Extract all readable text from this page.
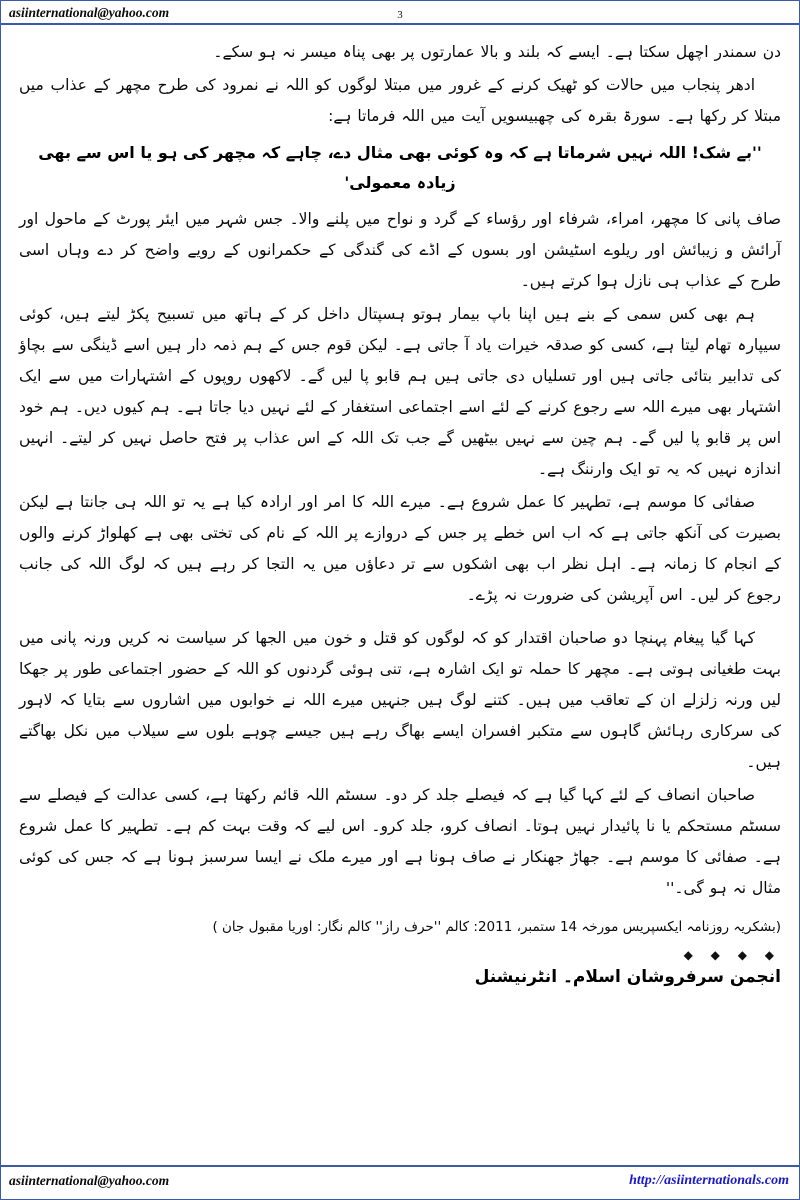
asiinternational@yahoo.com	3

دن سمندر اچھل سکتا ہے۔ ایسے کہ بلند و بالا عمارتوں پر بھی پناہ میسر نہ ہو سکے۔

ادھر پنجاب میں حالات کو ٹھیک کرنے کے غرور میں مبتلا لوگوں کو اللہ نے نمرود کی طرح مچھر کے عذاب میں مبتلا کر رکھا ہے۔ سورۃ بقرہ کی چھبیسویں آیت میں اللہ فرماتا ہے:

''بے شک! اللہ نہیں شرماتا ہے کہ وہ کوئی بھی مثال دے، چاہے کہ مچھر کی ہو یا اس سے بھی زیادہ معمولی'

صاف پانی کا مچھر، امراء، شرفاء اور رؤساء کے گرد و نواح میں پلنے والا۔ جس شہر میں ایئر پورٹ کے ماحول اور آرائش و زیبائش اور ریلوے اسٹیشن اور بسوں کے اڈے کی گندگی کے حکمرانوں کے رویے واضح کر دے وہاں اسی طرح کے عذاب ہی نازل ہوا کرتے ہیں۔

ہم بھی کس سمی کے بنے ہیں اپنا باپ بیمار ہوتو ہسپتال داخل کر کے ہاتھ میں تسبیح پکڑ لیتے ہیں، کوئی سیپارہ تھام لیتا ہے، کسی کو صدقہ خیرات یاد آ جاتی ہے۔ لیکن قوم جس کے ہم ذمہ دار ہیں اسے ڈینگی سے بچاؤ کی تدابیر بتائی جاتی ہیں اور تسلیاں دی جاتی ہیں ہم قابو پا لیں گے۔ لاکھوں روپوں کے اشتہارات میں سے ایک اشتہار بھی میرے اللہ سے رجوع کرنے کے لئے اسے اجتماعی استغفار کے لئے نہیں دیا جاتا ہے۔ ہم کیوں دیں۔ ہم خود اس پر قابو پا لیں گے۔ ہم چین سے نہیں بیٹھیں گے جب تک اللہ کے اس عذاب پر فتح حاصل نہیں کر لیتے۔ انہیں اندازہ نہیں کہ یہ تو ایک وارننگ ہے۔

صفائی کا موسم ہے، تطہیر کا عمل شروع ہے۔ میرے اللہ کا امر اور ارادہ کیا ہے یہ تو اللہ ہی جانتا ہے لیکن بصیرت کی آنکھ جاتی ہے کہ اب اس خطے پر جس کے دروازے پر اللہ کے نام کی تختی بھی ہے کھلواڑ کرنے والوں کے انجام کا زمانہ ہے۔ اہل نظر اب بھی اشکوں سے تر دعاؤں میں یہ التجا کر رہے ہیں کہ لوگ اللہ کی جانب رجوع کر لیں۔ اس آپریشن کی ضرورت نہ پڑے۔

کہا گیا پیغام پہنچا دو صاحبان اقتدار کو کہ لوگوں کو قتل و خون میں الجھا کر سیاست نہ کریں ورنہ پانی میں بہت طغیانی ہوتی ہے۔ مچھر کا حملہ تو ایک اشارہ ہے، تنی ہوئی گردنوں کو اللہ کے حضور اجتماعی طور پر جھکا لیں ورنہ زلزلے ان کے تعاقب میں ہیں۔ کتنے لوگ ہیں جنہیں میرے اللہ نے خوابوں میں اشاروں سے بتایا کہ لاہور کی سرکاری رہائش گاہوں سے متکبر افسران ایسے بھاگ رہے ہیں جیسے چوہے بلوں سے سیلاب میں نکل بھاگتے ہیں۔

صاحبان انصاف کے لئے کہا گیا ہے کہ فیصلے جلد کر دو۔ سسٹم اللہ قائم رکھتا ہے، کسی عدالت کے فیصلے سے سسٹم مستحکم یا نا پائیدار نہیں ہوتا۔ انصاف کرو، جلد کرو۔ اس لیے کہ وقت بہت کم ہے۔ تطہیر کا عمل شروع ہے۔ صفائی کا موسم ہے۔ جھاڑ جھنکار نے صاف ہونا ہے اور میرے ملک نے ایسا سرسبز ہونا ہے کہ جس کی کوئی مثال نہ ہو گی۔''

(بشکریہ روزنامہ ایکسپریس مورخہ 14 ستمبر، 2011: کالم ''حرف راز'' کالم نگار: اوریا مقبول جان )

◆ ◆ ◆ ◆
انجمن سرفروشان اسلام۔ انٹرنیشنل
asiinternational@yahoo.com	http://asiinternationals.com
